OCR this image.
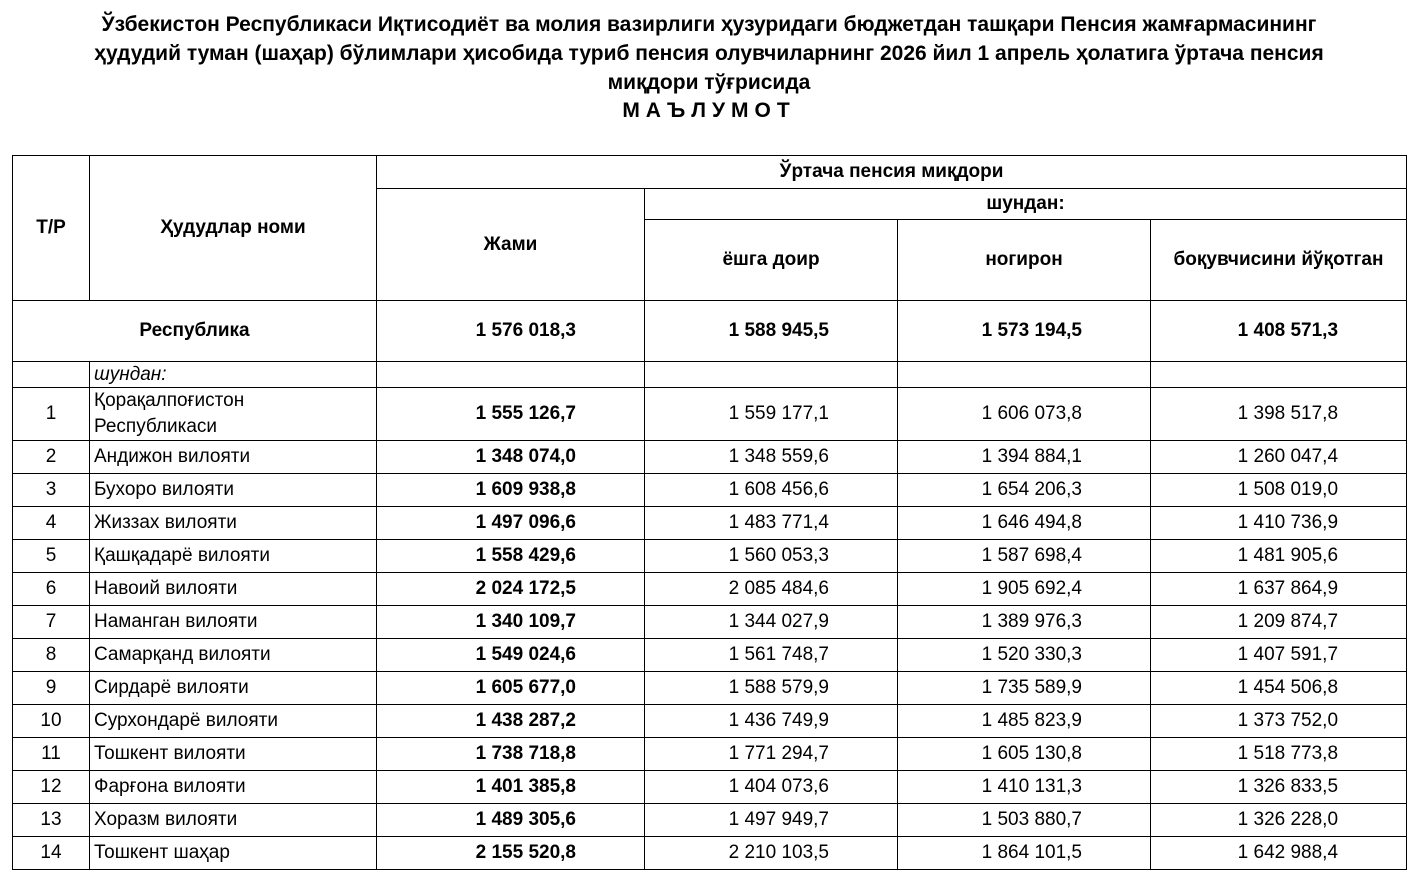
Ўзбекистон Республикаси Иқтисодиёт ва молия вазирлиги ҳузуридаги бюджетдан ташқари Пенсия жамғармасининг
ҳудудий туман (шаҳар) бўлимлари ҳисобида туриб пенсия олувчиларнинг 2026 йил 1 апрель ҳолатига ўртача пенсия
миқдори тўғрисида
МАЪЛУМОТ
Т/Р	Ҳудудлар номи	Ўртача пенсия миқдори			
		Жами	шундан:		
			ёшга доир	ногирон	боқувчисини йўқотган
Республика		1 576 018,3	1 588 945,5	1 573 194,5	1 408 571,3
	шундан:				
1	Қорақалпоғистон Республикаси	1 555 126,7	1 559 177,1	1 606 073,8	1 398 517,8
2	Андижон вилояти	1 348 074,0	1 348 559,6	1 394 884,1	1 260 047,4
3	Бухоро вилояти	1 609 938,8	1 608 456,6	1 654 206,3	1 508 019,0
4	Жиззах вилояти	1 497 096,6	1 483 771,4	1 646 494,8	1 410 736,9
5	Қашқадарё вилояти	1 558 429,6	1 560 053,3	1 587 698,4	1 481 905,6
6	Навоий вилояти	2 024 172,5	2 085 484,6	1 905 692,4	1 637 864,9
7	Наманган вилояти	1 340 109,7	1 344 027,9	1 389 976,3	1 209 874,7
8	Самарқанд вилояти	1 549 024,6	1 561 748,7	1 520 330,3	1 407 591,7
9	Сирдарё вилояти	1 605 677,0	1 588 579,9	1 735 589,9	1 454 506,8
10	Сурхондарё вилояти	1 438 287,2	1 436 749,9	1 485 823,9	1 373 752,0
11	Тошкент вилояти	1 738 718,8	1 771 294,7	1 605 130,8	1 518 773,8
12	Фарғона вилояти	1 401 385,8	1 404 073,6	1 410 131,3	1 326 833,5
13	Хоразм вилояти	1 489 305,6	1 497 949,7	1 503 880,7	1 326 228,0
14	Тошкент шаҳар	2 155 520,8	2 210 103,5	1 864 101,5	1 642 988,4
